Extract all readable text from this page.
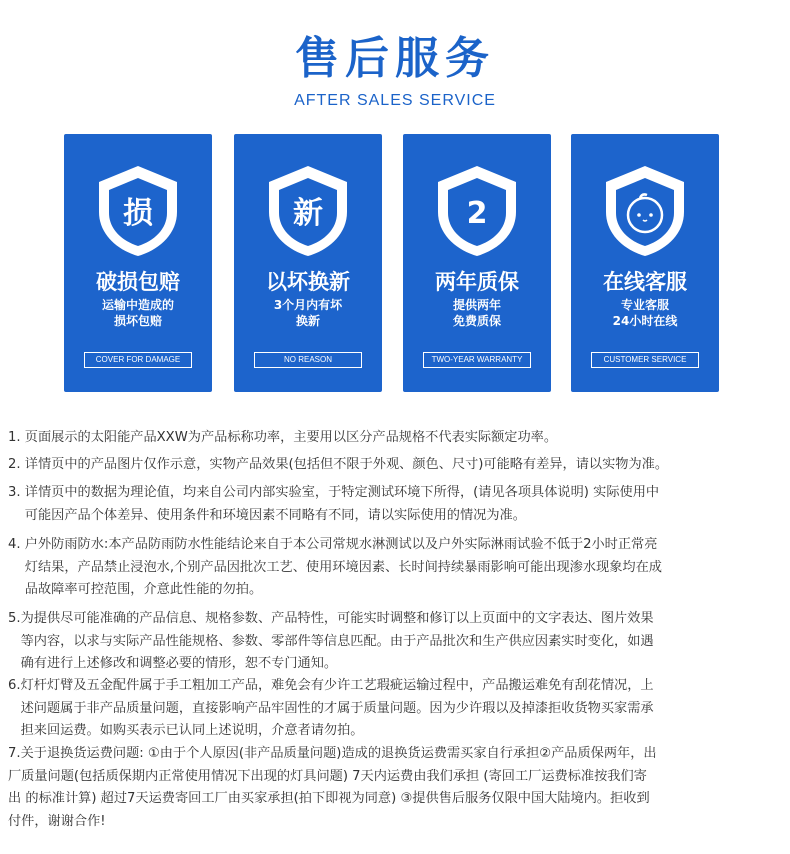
售后服务
AFTER SALES SERVICE
损
破损包赔
运输中造成的
损坏包赔
COVER FOR DAMAGE
新
以坏换新
3个月内有坏
换新
NO REASON
2
两年质保
提供两年
免费质保
TWO-YEAR WARRANTY
在线客服
专业客服
24小时在线
CUSTOMER SERVICE
1. 页面展示的太阳能产品XXW为产品标称功率，主要用以区分产品规格不代表实际额定功率。
2. 详情页中的产品图片仅作示意，实物产品效果(包括但不限于外观、颜色、尺寸)可能略有差异，请以实物为准。
3. 详情页中的数据为理论值，均来自公司内部实验室，于特定测试环境下所得，(请见各项具体说明) 实际使用中
可能因产品个体差异、使用条件和环境因素不同略有不同，请以实际使用的情况为准。
4. 户外防雨防水:本产品防雨防水性能结论来自于本公司常规水淋测试以及户外实际淋雨试验不低于2小时正常亮
灯结果，产品禁止浸泡水,个别产品因批次工艺、使用环境因素、长时间持续暴雨影响可能出现渗水现象均在成
品故障率可控范围，介意此性能的勿拍。
5.为提供尽可能准确的产品信息、规格参数、产品特性，可能实时调整和修订以上页面中的文字表达、图片效果
等内容，以求与实际产品性能规格、参数、零部件等信息匹配。由于产品批次和生产供应因素实时变化，如遇
确有进行上述修改和调整必要的情形，恕不专门通知。
6.灯杆灯臂及五金配件属于手工粗加工产品，难免会有少许工艺瑕疵运输过程中，产品搬运难免有刮花情况，上
述问题属于非产品质量问题，直接影响产品牢固性的才属于质量问题。因为少许瑕以及掉漆拒收货物买家需承
担来回运费。如购买表示已认同上述说明，介意者请勿拍。
7.关于退换货运费问题: ①由于个人原因(非产品质量问题)造成的退换货运费需买家自行承担②产品质保两年，出
厂质量问题(包括质保期内正常使用情况下出现的灯具问题) 7天内运费由我们承担 (寄回工厂运费标准按我们寄
出 的标准计算) 超过7天运费寄回工厂由买家承担(拍下即视为同意) ③提供售后服务仅限中国大陆境内。拒收到
付件，谢谢合作!
